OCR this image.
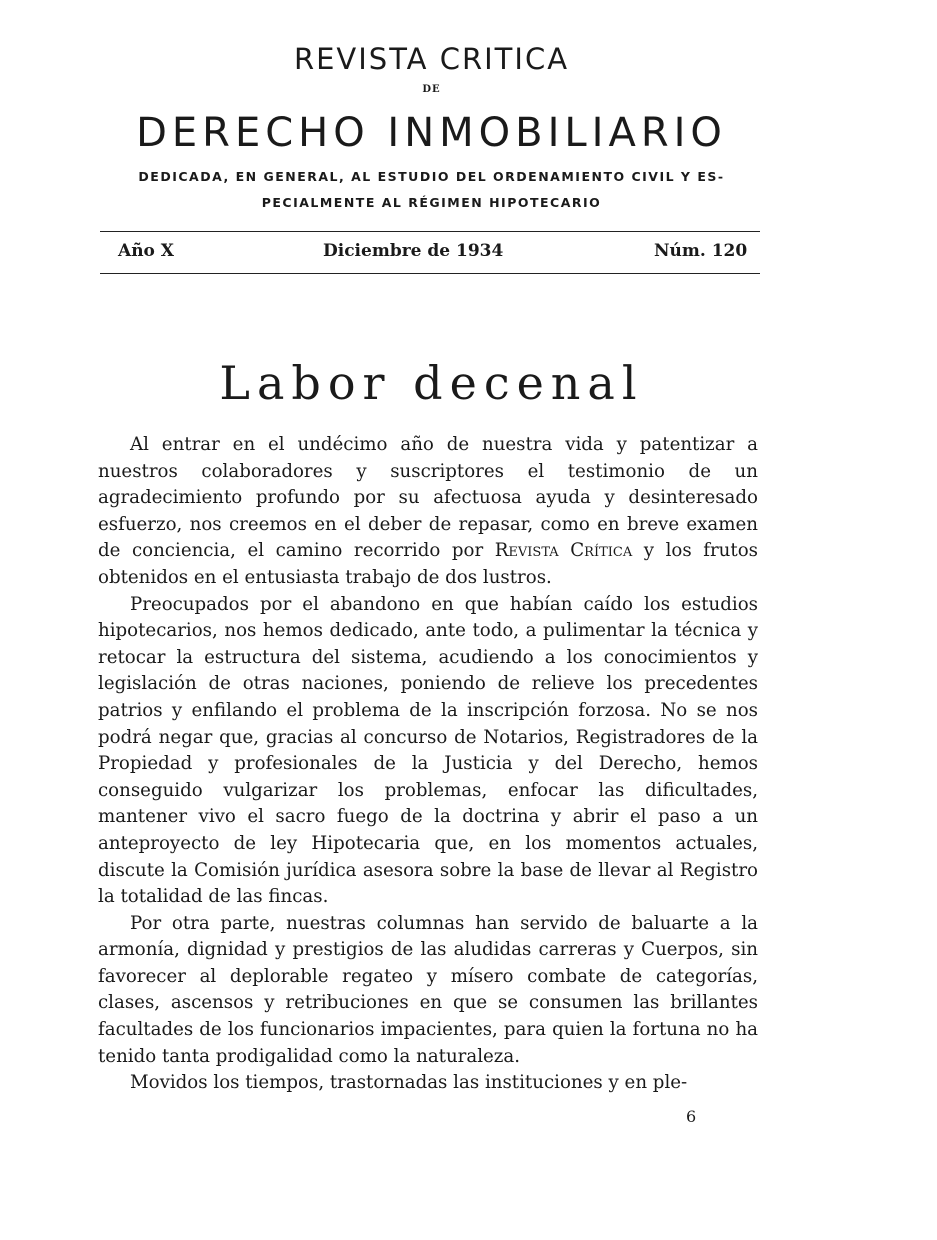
REVISTA CRITICA
DE
DERECHO INMOBILIARIO
DEDICADA, EN GENERAL, AL ESTUDIO DEL ORDENAMIENTO CIVIL Y ES-
PECIALMENTE AL RÉGIMEN HIPOTECARIO
Año X	Diciembre de 1934	Núm. 120
Labor decenal

Al entrar en el undécimo año de nuestra vida y patentizar a nuestros colaboradores y suscriptores el testimonio de un agradecimiento profundo por su afectuosa ayuda y desinteresado esfuerzo, nos creemos en el deber de repasar, como en breve examen de conciencia, el camino recorrido por Revista Crítica y los frutos obtenidos en el entusiasta trabajo de dos lustros.

Preocupados por el abandono en que habían caído los estudios hipotecarios, nos hemos dedicado, ante todo, a pulimentar la técnica y retocar la estructura del sistema, acudiendo a los conocimientos y legislación de otras naciones, poniendo de relieve los precedentes patrios y enfilando el problema de la inscripción forzosa. No se nos podrá negar que, gracias al concurso de Notarios, Registradores de la Propiedad y profesionales de la Justicia y del Derecho, hemos conseguido vulgarizar los problemas, enfocar las dificultades, mantener vivo el sacro fuego de la doctrina y abrir el paso a un anteproyecto de ley Hipotecaria que, en los momentos actuales, discute la Comisión jurídica asesora sobre la base de llevar al Registro la totalidad de las fincas.

Por otra parte, nuestras columnas han servido de baluarte a la armonía, dignidad y prestigios de las aludidas carreras y Cuerpos, sin favorecer al deplorable regateo y mísero combate de categorías, clases, ascensos y retribuciones en que se consumen las brillantes facultades de los funcionarios impacientes, para quien la fortuna no ha tenido tanta prodigalidad como la naturaleza.

Movidos los tiempos, trastornadas las instituciones y en ple-

6
